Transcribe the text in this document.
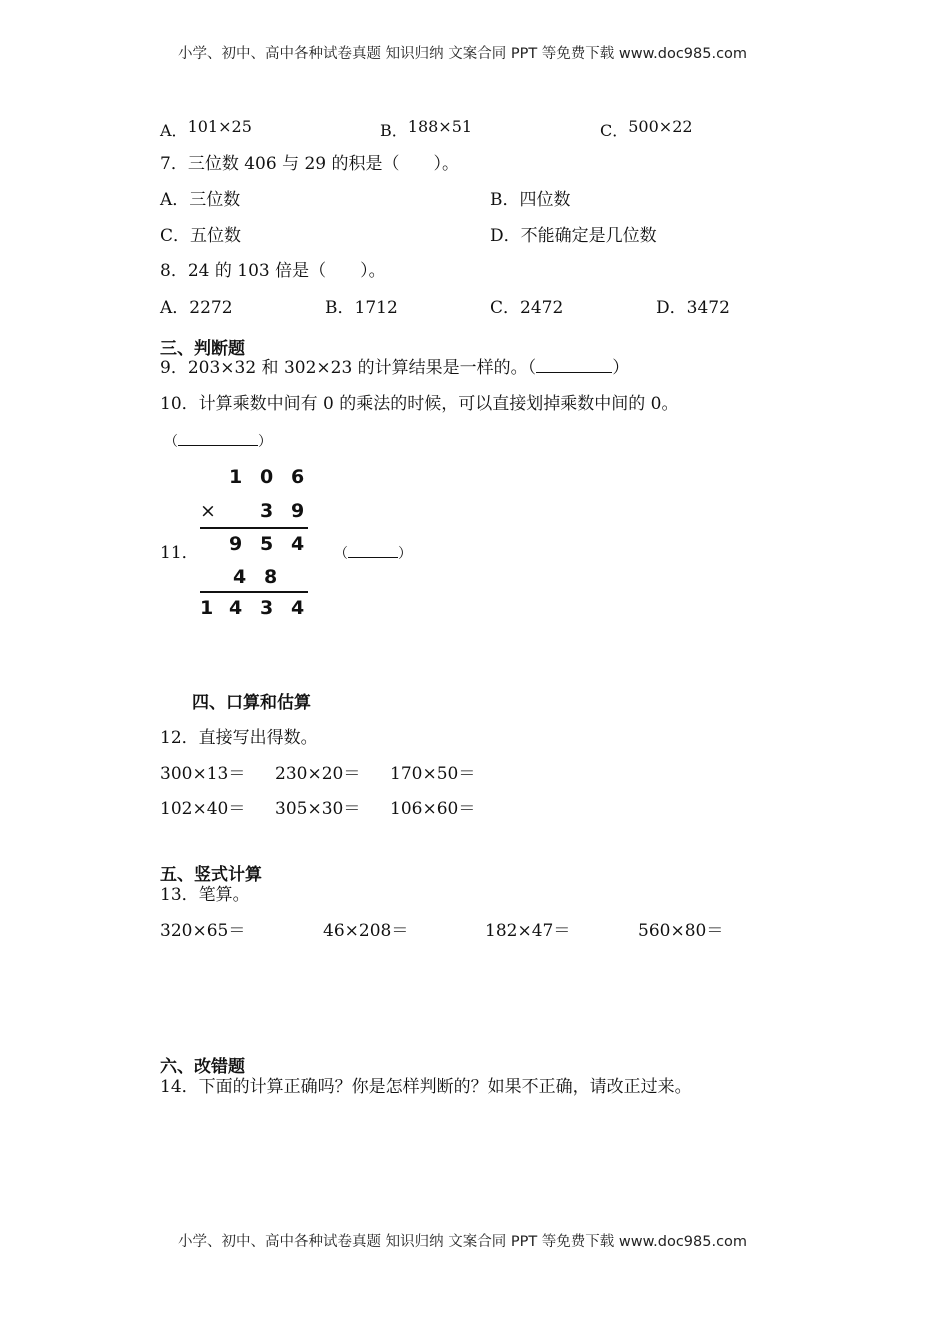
小学、初中、高中各种试卷真题 知识归纳 文案合同 PPT 等免费下载 www.doc985.com
A．101×25	B．188×51	C．500×22
7．三位数 406 与 29 的积是（　　）。
A．三位数	B．四位数
C．五位数	D．不能确定是几位数
8．24 的 103 倍是（　　）。
A．2272	B．1712	C．2472	D．3472
三、判断题
9．203×32 和 302×23 的计算结果是一样的。（	）
10．计算乘数中间有 0 的乘法的时候，可以直接划掉乘数中间的 0。
（	）
11．
1 0 6
× 3 9
9 5 4
4 8
1 4 3 4
（	）
四、口算和估算
12．直接写出得数。
300×13＝ 230×20＝ 170×50＝
102×40＝ 305×30＝ 106×60＝
五、竖式计算
13．笔算。
320×65＝	46×208＝	182×47＝	560×80＝
六、改错题
14．下面的计算正确吗？你是怎样判断的？如果不正确，请改正过来。
小学、初中、高中各种试卷真题 知识归纳 文案合同 PPT 等免费下载 www.doc985.com
